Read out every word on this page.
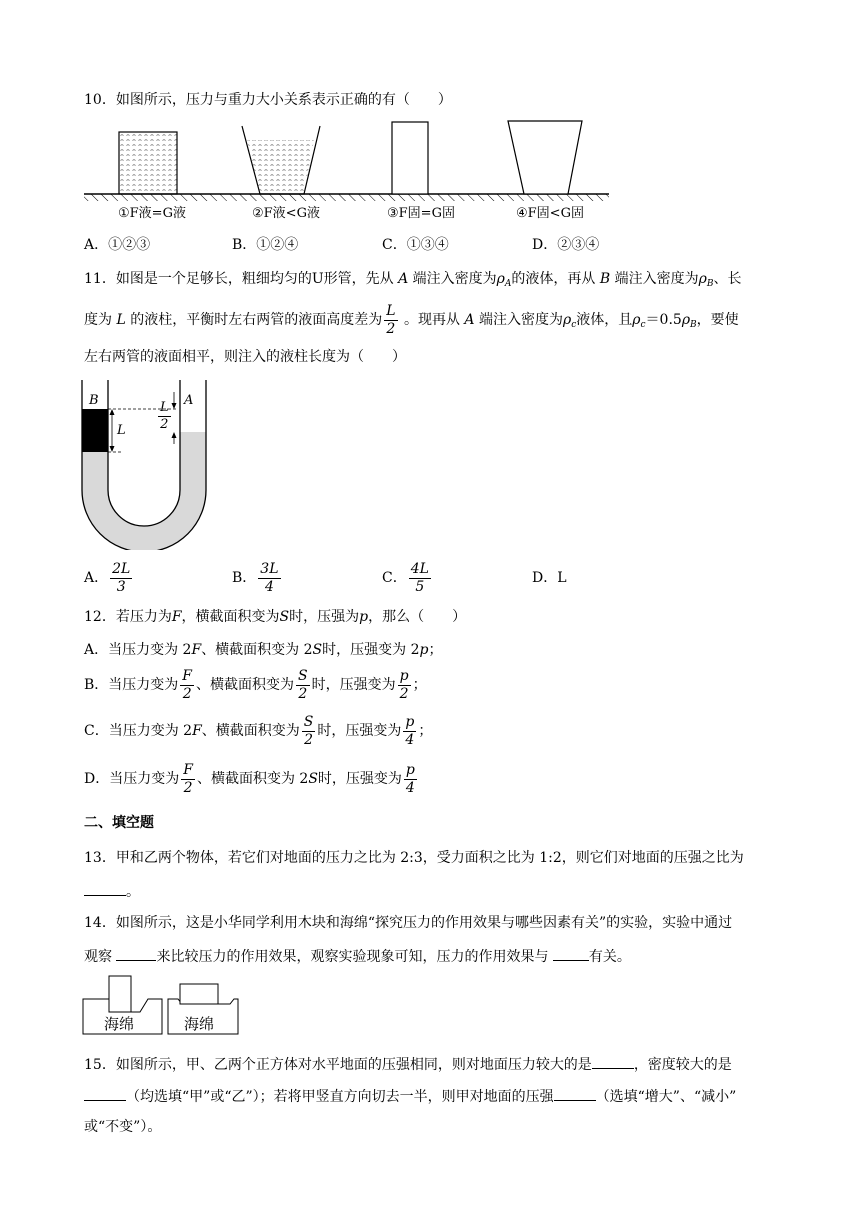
10．如图所示，压力与重力大小关系表示正确的有（　　）
①F液=G液	②F液<G液	③F固=G固	④F固<G固
A．①②③	B．①②④	C．①③④	D．②③④
11．如图是一个足够长，粗细均匀的U形管，先从 A 端注入密度为$\rho_A$的液体，再从 B 端注入密度为$\rho_B$、长
度为 L 的液柱，平衡时左右两管的液面高度差为 $\frac{L}{2}$ 。现再从 A 端注入密度为$\rho_c$液体，且$\rho_c=0.5\rho_B$，要使
左右两管的液面相平，则注入的液柱长度为（　　）
B	A
L $\frac{L}{2}$
A． $\frac{2L}{3}$	B． $\frac{3L}{4}$	C． $\frac{4L}{5}$	D．L
12．若压力为F，横截面积变为S时，压强为p，那么（　　）
A．当压力变为 2F、横截面积变为 2S时，压强变为 2p；
B．当压力变为 $\frac{F}{2}$ 、横截面积变为 $\frac{S}{2}$ 时，压强变为 $\frac{p}{2}$ ；
C．当压力变为 2F、横截面积变为 $\frac{S}{2}$ 时，压强变为 $\frac{p}{4}$ ；
D．当压力变为 $\frac{F}{2}$ 、横截面积变为 2S时，压强变为 $\frac{p}{4}$
二、填空题
13．甲和乙两个物体，若它们对地面的压力之比为 2:3，受力面积之比为 1:2，则它们对地面的压强之比为
。
14．如图所示，这是小华同学利用木块和海绵“探究压力的作用效果与哪些因素有关”的实验，实验中通过
观察	来比较压力的作用效果，观察实验现象可知，压力的作用效果与	有关。
海绵	海绵
15．如图所示，甲、乙两个正方体对水平地面的压强相同，则对地面压力较大的是	，密度较大的是
（均选填“甲”或“乙”）；若将甲竖直方向切去一半，则甲对地面的压强	（选填“增大”、“减小”
或“不变”）。
